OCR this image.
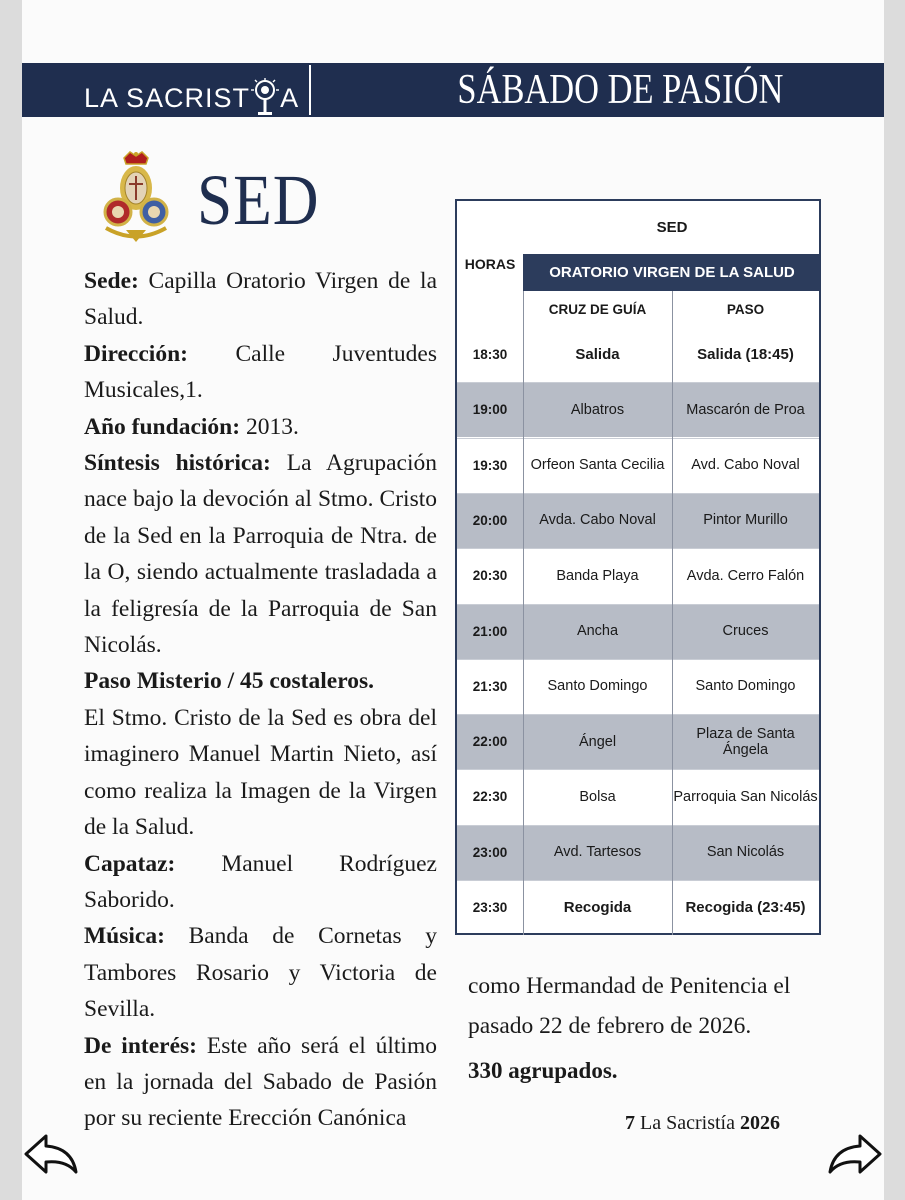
LA SACRIST A	SÁBADO DE PASIÓN
SED

Sede: Capilla Oratorio Virgen de la Salud.

Dirección: Calle Juventudes Musicales,1.

Año fundación: 2013.

Síntesis histórica: La Agrupación nace bajo la devoción al Stmo. Cristo de la Sed en la Parroquia de Ntra. de la O, siendo actualmente trasladada a la feligresía de la Parroquia de San Nicolás.

Paso Misterio / 45 costaleros.

El Stmo. Cristo de la Sed es obra del imaginero Manuel Martin Nieto, así como realiza la Imagen de la Virgen de la Salud.

Capataz: Manuel Rodríguez Saborido.

Música: Banda de Cornetas y Tambores Rosario y Victoria de Sevilla.

De interés: Este año será el último en la jornada del Sabado de Pasión por su reciente Erección Canónica

HORAS
SED
ORATORIO VIRGEN DE LA SALUD
CRUZ DE GUÍA	PASO
18:30	Salida	Salida (18:45)
19:00	Albatros	Mascarón de Proa
19:30	Orfeon Santa Cecilia	Avd. Cabo Noval
20:00	Avda. Cabo Noval	Pintor Murillo
20:30	Banda Playa	Avda. Cerro Falón
21:00	Ancha	Cruces
21:30	Santo Domingo	Santo Domingo
22:00	Ángel	Plaza de Santa Ángela
22:30	Bolsa	Parroquia San Nicolás
23:00	Avd. Tartesos	San Nicolás
23:30	Recogida	Recogida (23:45)

como Hermandad de Penitencia el pasado 22 de febrero de 2026.

330 agrupados.
7 La Sacristía 2026
